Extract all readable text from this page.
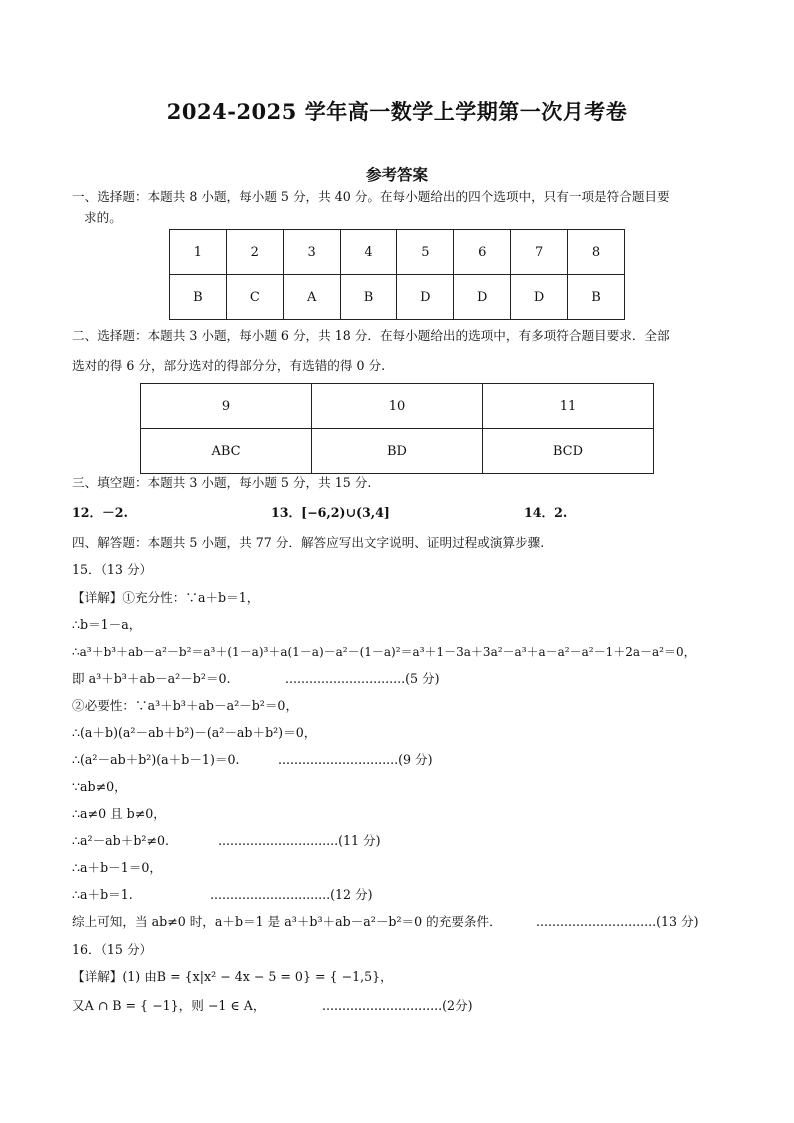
2024-2025 学年高一数学上学期第一次月考卷
参考答案
一、选择题：本题共 8 小题，每小题 5 分，共 40 分。在每小题给出的四个选项中，只有一项是符合题目要
求的。
1	2	3	4	5	6	7	8
B	C	A	B	D	D	D	B
二、选择题：本题共 3 小题，每小题 6 分，共 18 分．在每小题给出的选项中，有多项符合题目要求．全部
选对的得 6 分，部分选对的得部分分，有选错的得 0 分.
9	10	11
ABC	BD	BCD
三、填空题：本题共 3 小题，每小题 5 分，共 15 分.
12．－2.	13．[−6,2)∪(3,4]	14．2.
四、解答题：本题共 5 小题，共 77 分．解答应写出文字说明、证明过程或演算步骤.
15．（13 分）
【详解】①充分性：∵a＋b＝1，
∴b＝1－a，
∴a³＋b³＋ab－a²－b²＝a³＋(1－a)³＋a(1－a)－a²－(1－a)²＝a³＋1－3a＋3a²－a³＋a－a²－a²－1＋2a－a²＝0，
即 a³＋b³＋ab－a²－b²＝0.	..............................(5 分)
②必要性：∵a³＋b³＋ab－a²－b²＝0，
∴(a＋b)(a²－ab＋b²)－(a²－ab＋b²)＝0，
∴(a²－ab＋b²)(a＋b－1)＝0.	..............................(9 分)
∵ab≠0，
∴a≠0 且 b≠0，
∴a²－ab＋b²≠0.	..............................(11 分)
∴a＋b－1＝0，
∴a＋b＝1.	..............................(12 分)
综上可知，当 ab≠0 时，a＋b＝1 是 a³＋b³＋ab－a²－b²＝0 的充要条件．	..............................(13 分)
16．（15 分）
【详解】(1) 由B = {x|x² − 4x − 5 = 0} = { −1,5}，
又A ∩ B = { −1}，则 −1 ∈ A，	..............................(2分)
